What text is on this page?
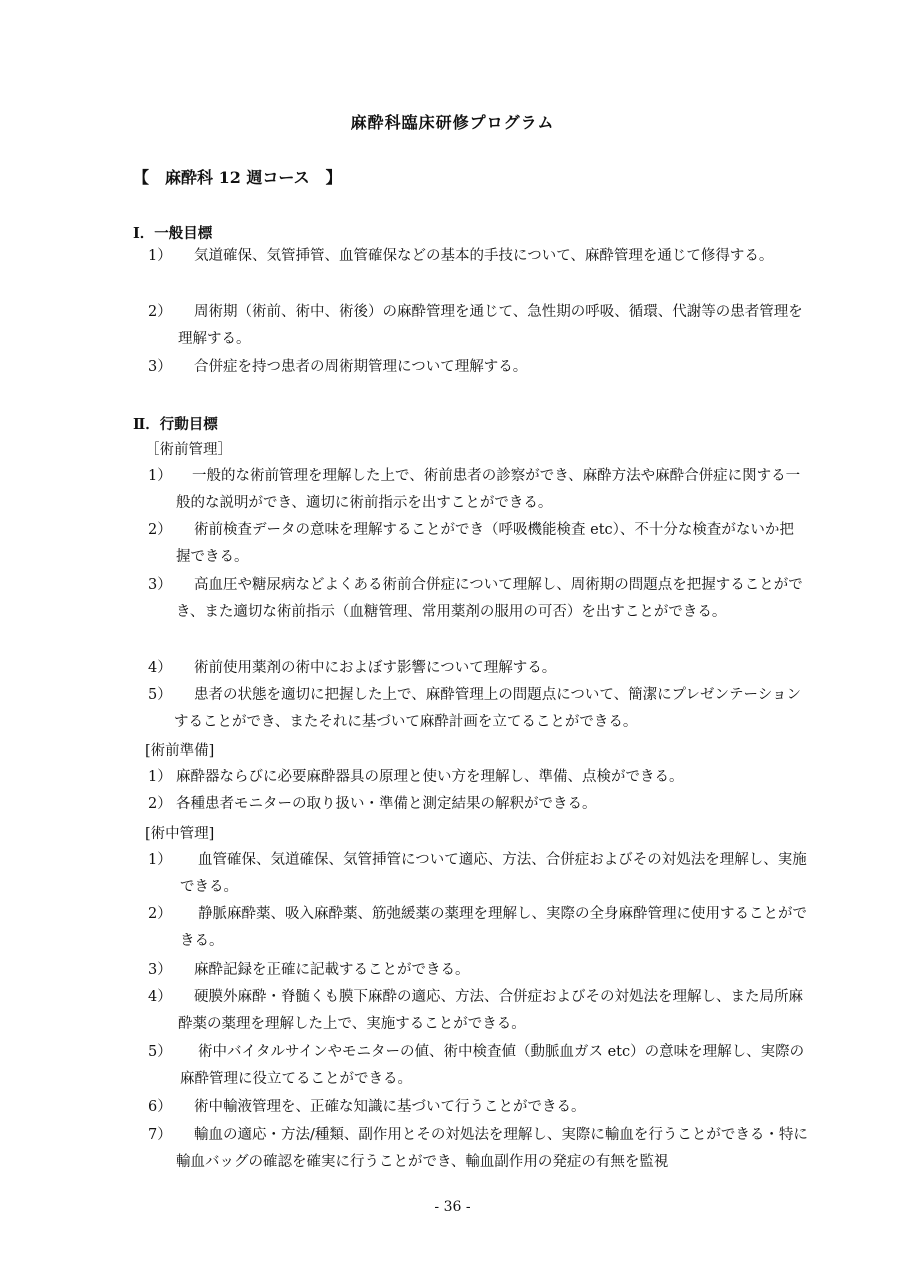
麻酔科臨床研修プログラム
【　麻酔科 12 週コース　】
Ⅰ．一般目標
1）	気道確保、気管挿管、血管確保などの基本的手技について、麻酔管理を通じて修得する。
2）	周術期（術前、術中、術後）の麻酔管理を通じて、急性期の呼吸、循環、代謝等の患者管理を理解する。
3）	合併症を持つ患者の周術期管理について理解する。
Ⅱ．行動目標
［術前管理］
1）	一般的な術前管理を理解した上で、術前患者の診察ができ、麻酔方法や麻酔合併症に関する一般的な説明ができ、適切に術前指示を出すことができる。
2）	術前検査データの意味を理解することができ（呼吸機能検査 etc）、不十分な検査がないか把握できる。
3）	高血圧や糖尿病などよくある術前合併症について理解し、周術期の問題点を把握することができ、また適切な術前指示（血糖管理、常用薬剤の服用の可否）を出すことができる。
4）	術前使用薬剤の術中におよぼす影響について理解する。
5）	患者の状態を適切に把握した上で、麻酔管理上の問題点について、簡潔にプレゼンテーションすることができ、またそれに基づいて麻酔計画を立てることができる。
[術前準備]
1） 麻酔器ならびに必要麻酔器具の原理と使い方を理解し、準備、点検ができる。
2） 各種患者モニターの取り扱い・準備と測定結果の解釈ができる。
[術中管理]
1）	血管確保、気道確保、気管挿管について適応、方法、合併症およびその対処法を理解し、実施できる。
2）	静脈麻酔薬、吸入麻酔薬、筋弛緩薬の薬理を理解し、実際の全身麻酔管理に使用することができる。
3）	麻酔記録を正確に記載することができる。
4）	硬膜外麻酔・脊髄くも膜下麻酔の適応、方法、合併症およびその対処法を理解し、また局所麻酔薬の薬理を理解した上で、実施することができる。
5）	術中バイタルサインやモニターの値、術中検査値（動脈血ガス etc）の意味を理解し、実際の麻酔管理に役立てることができる。
6）	術中輸液管理を、正確な知識に基づいて行うことができる。
7）	輸血の適応・方法/種類、副作用とその対処法を理解し、実際に輸血を行うことができる・特に輸血バッグの確認を確実に行うことができ、輸血副作用の発症の有無を監視
- 36 -
